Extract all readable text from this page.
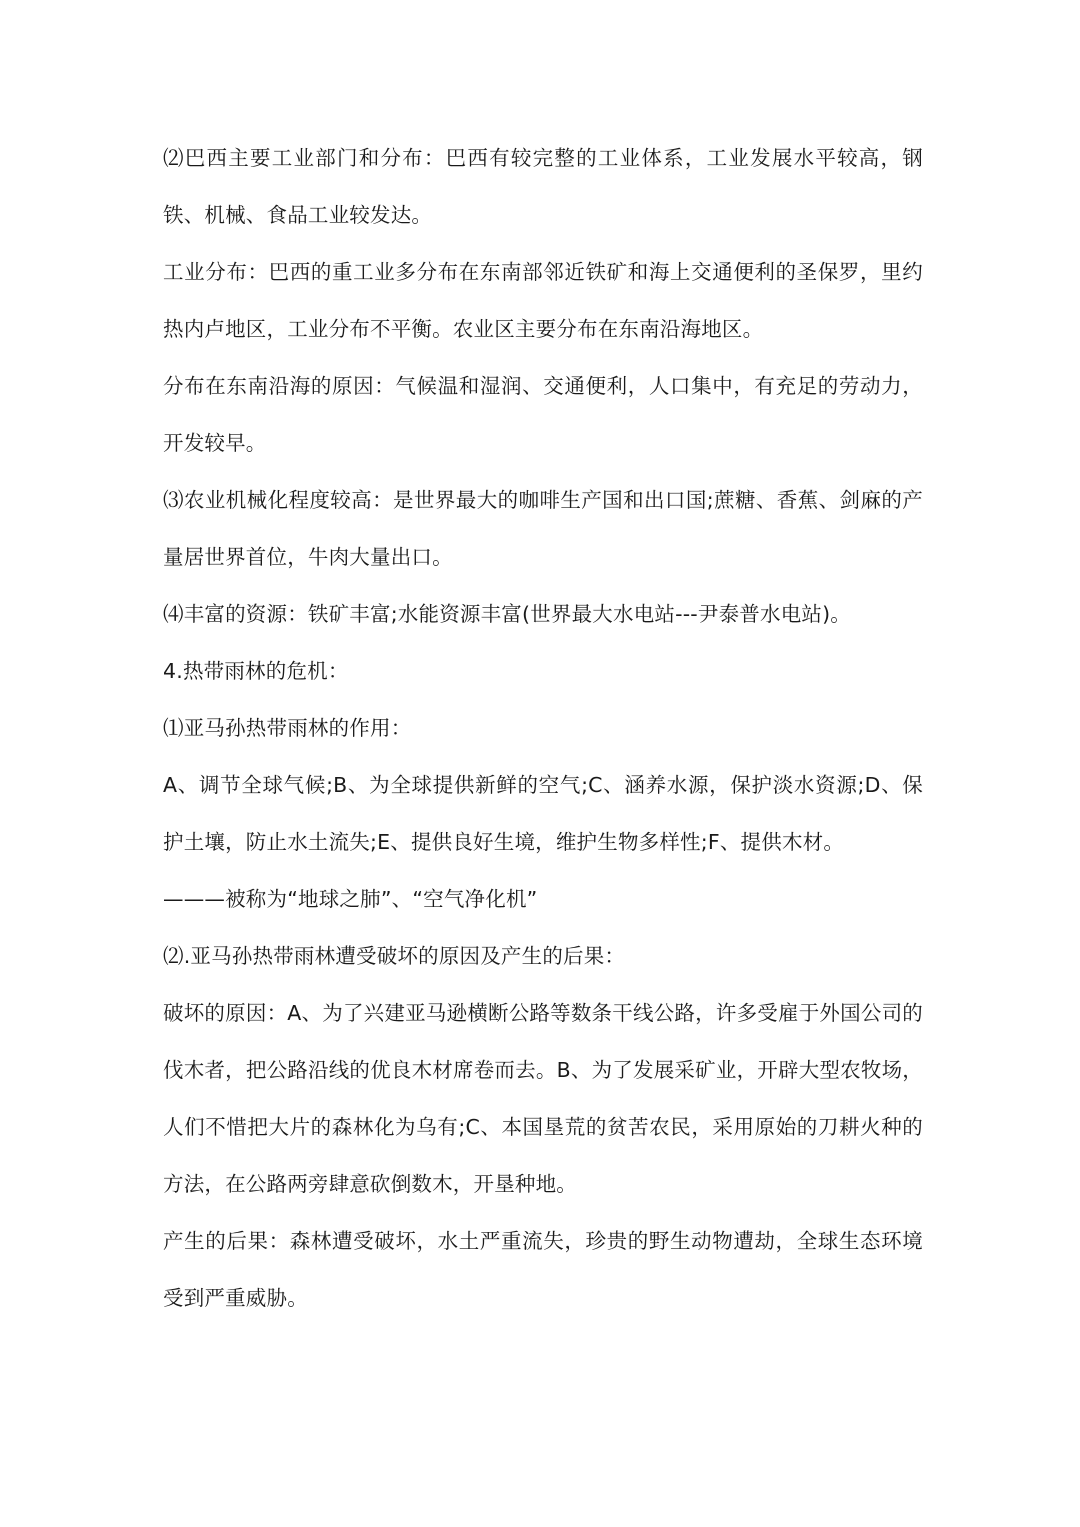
⑵巴西主要工业部门和分布：巴西有较完整的工业体系，工业发展水平较高，钢铁、机械、食品工业较发达。

工业分布：巴西的重工业多分布在东南部邻近铁矿和海上交通便利的圣保罗，里约热内卢地区，工业分布不平衡。农业区主要分布在东南沿海地区。

分布在东南沿海的原因：气候温和湿润、交通便利，人口集中，有充足的劳动力，开发较早。

⑶农业机械化程度较高：是世界最大的咖啡生产国和出口国;蔗糖、香蕉、剑麻的产量居世界首位，牛肉大量出口。

⑷丰富的资源：铁矿丰富;水能资源丰富(世界最大水电站---尹泰普水电站)。

4.热带雨林的危机：

⑴亚马孙热带雨林的作用：

A、调节全球气候;B、为全球提供新鲜的空气;C、涵养水源，保护淡水资源;D、保护土壤，防止水土流失;E、提供良好生境，维护生物多样性;F、提供木材。

———被称为“地球之肺”、“空气净化机”

⑵.亚马孙热带雨林遭受破坏的原因及产生的后果：

破坏的原因：A、为了兴建亚马逊横断公路等数条干线公路，许多受雇于外国公司的伐木者，把公路沿线的优良木材席卷而去。B、为了发展采矿业，开辟大型农牧场，人们不惜把大片的森林化为乌有;C、本国垦荒的贫苦农民，采用原始的刀耕火种的方法，在公路两旁肆意砍倒数木，开垦种地。

产生的后果：森林遭受破坏，水土严重流失，珍贵的野生动物遭劫，全球生态环境受到严重威胁。
